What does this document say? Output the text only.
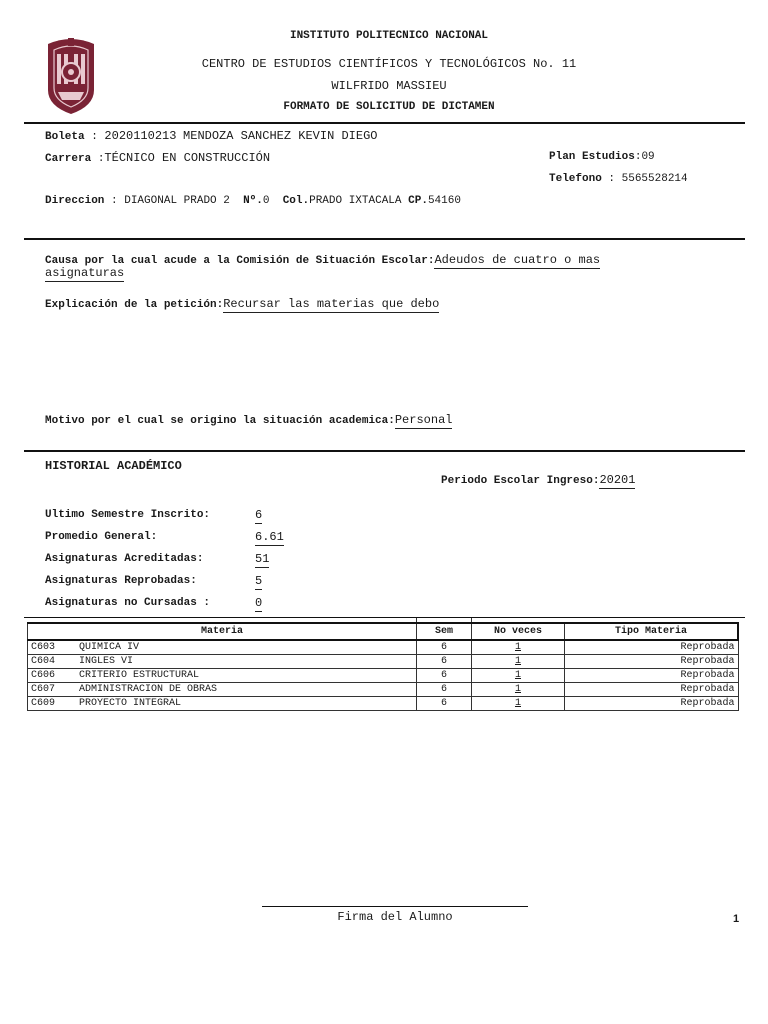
INSTITUTO POLITECNICO NACIONAL
CENTRO DE ESTUDIOS CIENTÍFICOS Y TECNOLÓGICOS No. 11
WILFRIDO MASSIEU
FORMATO DE SOLICITUD DE DICTAMEN
Boleta : 2020110213 MENDOZA SANCHEZ KEVIN DIEGO
Carrera :TÉCNICO EN CONSTRUCCIÓN	Plan Estudios:09
Telefono : 5565528214
Direccion : DIAGONAL PRADO 2 Nº.0 Col.PRADO IXTACALA CP.54160
Causa por la cual acude a la Comisión de Situación Escolar:Adeudos de cuatro o mas
asignaturas
Explicación de la petición:Recursar las materias que debo
Motivo por el cual se origino la situación academica:Personal
HISTORIAL ACADÉMICO
Periodo Escolar Ingreso:20201
Ultimo Semestre Inscrito:	6
Promedio General:	6.61
Asignaturas Acreditadas:	51
Asignaturas Reprobadas:	5
Asignaturas no Cursadas :	0
Materia	Sem	No veces	Tipo Materia
C603 QUIMICA IV	6	1	Reprobada
C604 INGLES VI	6	1	Reprobada
C606 CRITERIO ESTRUCTURAL	6	1	Reprobada
C607 ADMINISTRACION DE OBRAS	6	1	Reprobada
C609 PROYECTO INTEGRAL	6	1	Reprobada
Firma del Alumno	1
